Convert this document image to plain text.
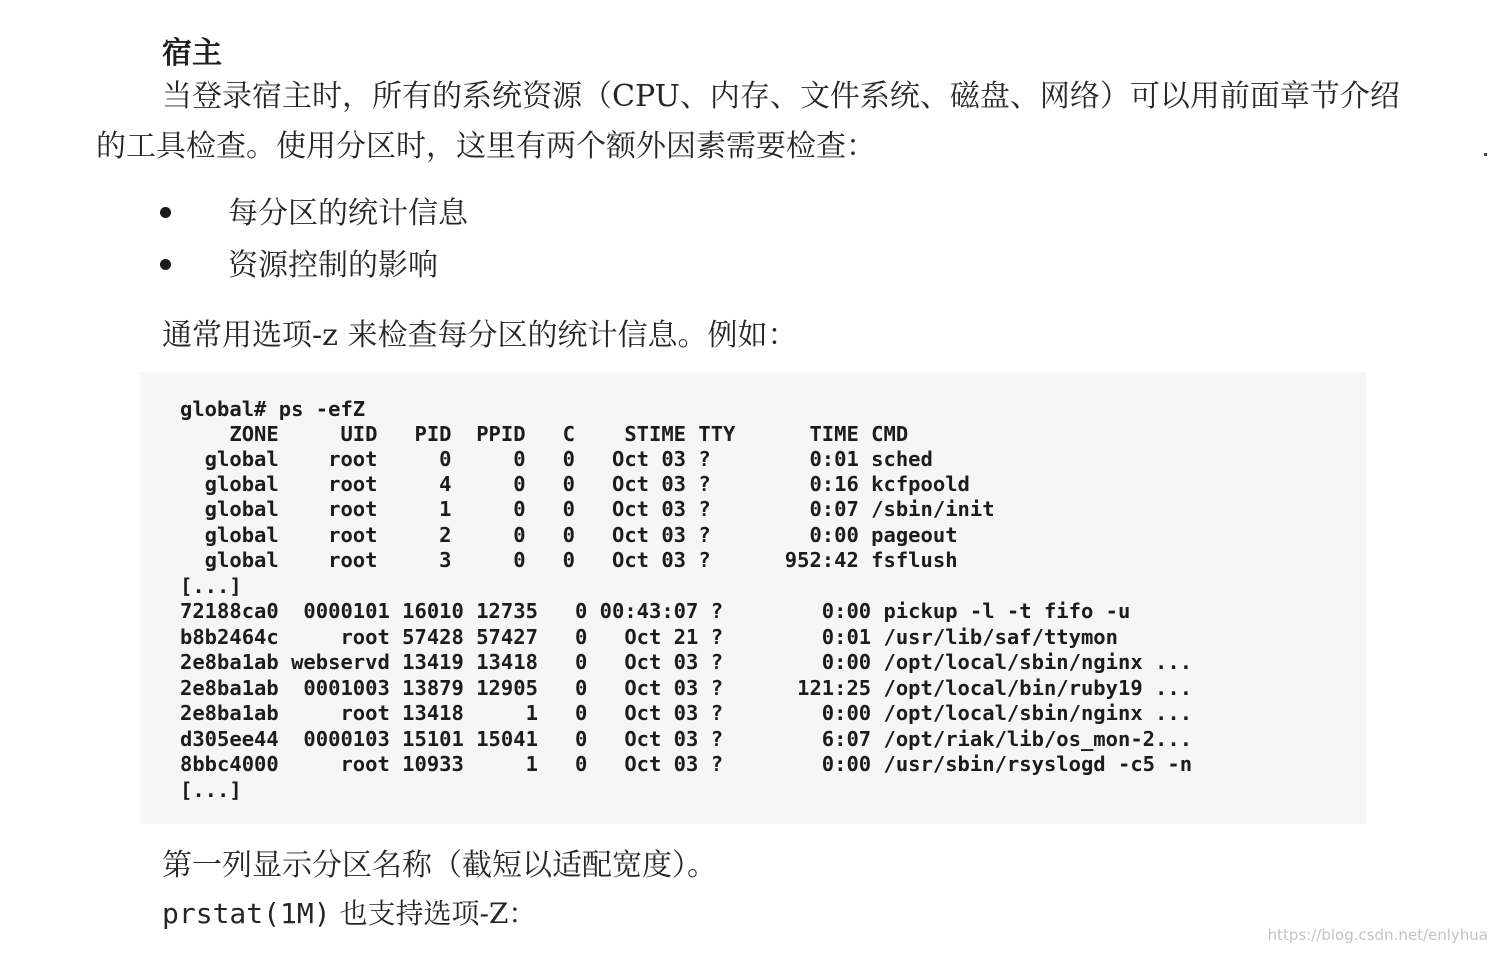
宿主
当登录宿主时，所有的系统资源（CPU、内存、文件系统、磁盘、网络）可以用前面章节介绍的工具检查。使用分区时，这里有两个额外因素需要检查：
每分区的统计信息
资源控制的影响
通常用选项-z 来检查每分区的统计信息。例如：
global# ps -efZ
ZONE     UID   PID  PPID   C    STIME TTY      TIME CMD
global    root     0     0   0   Oct 03 ?        0:01 sched
global    root     4     0   0   Oct 03 ?        0:16 kcfpoold
global    root     1     0   0   Oct 03 ?        0:07 /sbin/init
global    root     2     0   0   Oct 03 ?        0:00 pageout
global    root     3     0   0   Oct 03 ?      952:42 fsflush
[...]
72188ca0  0000101 16010 12735   0 00:43:07 ?        0:00 pickup -l -t fifo -u
b8b2464c     root 57428 57427   0   Oct 21 ?        0:01 /usr/lib/saf/ttymon
2e8ba1ab webservd 13419 13418   0   Oct 03 ?        0:00 /opt/local/sbin/nginx ...
2e8ba1ab  0001003 13879 12905   0   Oct 03 ?      121:25 /opt/local/bin/ruby19 ...
2e8ba1ab     root 13418     1   0   Oct 03 ?        0:00 /opt/local/sbin/nginx ...
d305ee44  0000103 15101 15041   0   Oct 03 ?        6:07 /opt/riak/lib/os_mon-2...
8bbc4000     root 10933     1   0   Oct 03 ?        0:00 /usr/sbin/rsyslogd -c5 -n
[...]
第一列显示分区名称（截短以适配宽度）。
prstat(1M) 也支持选项-Z：
https://blog.csdn.net/enlyhua
